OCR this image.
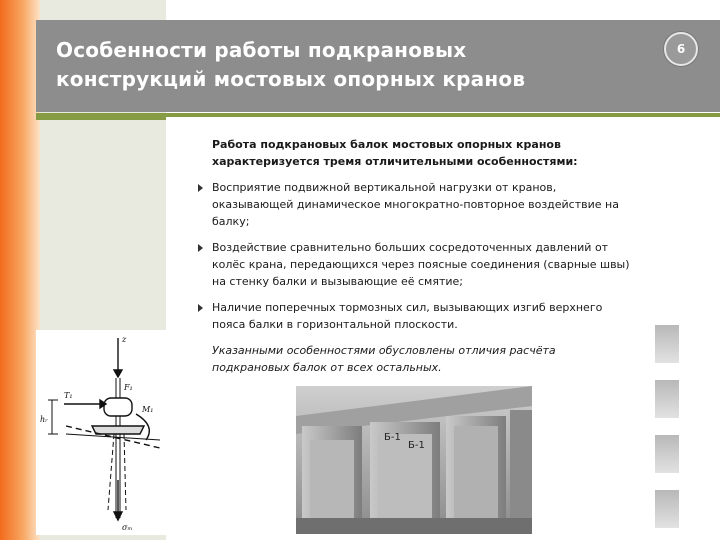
Особенности работы подкрановых конструкций мостовых опорных кранов
6

Работа подкрановых балок мостовых опорных кранов характеризуется тремя отличительными особенностями:

Восприятие подвижной вертикальной нагрузки от кранов, оказывающей динамическое многократно-повторное воздействие на балку;
Воздействие сравнительно больших сосредоточенных давлений от колёс крана, передающихся через поясные соединения (сварные швы) на стенку балки и вызывающие её смятие;
Наличие поперечных тормозных сил, вызывающих изгиб верхнего пояса балки в горизонтальной плоскости.

Указанными особенностями обусловлены отличия расчёта подкрановых балок от всех остальных.

z
T₁
F₁
M₁
hᵣ
σₘ
Б-1
Б-1
